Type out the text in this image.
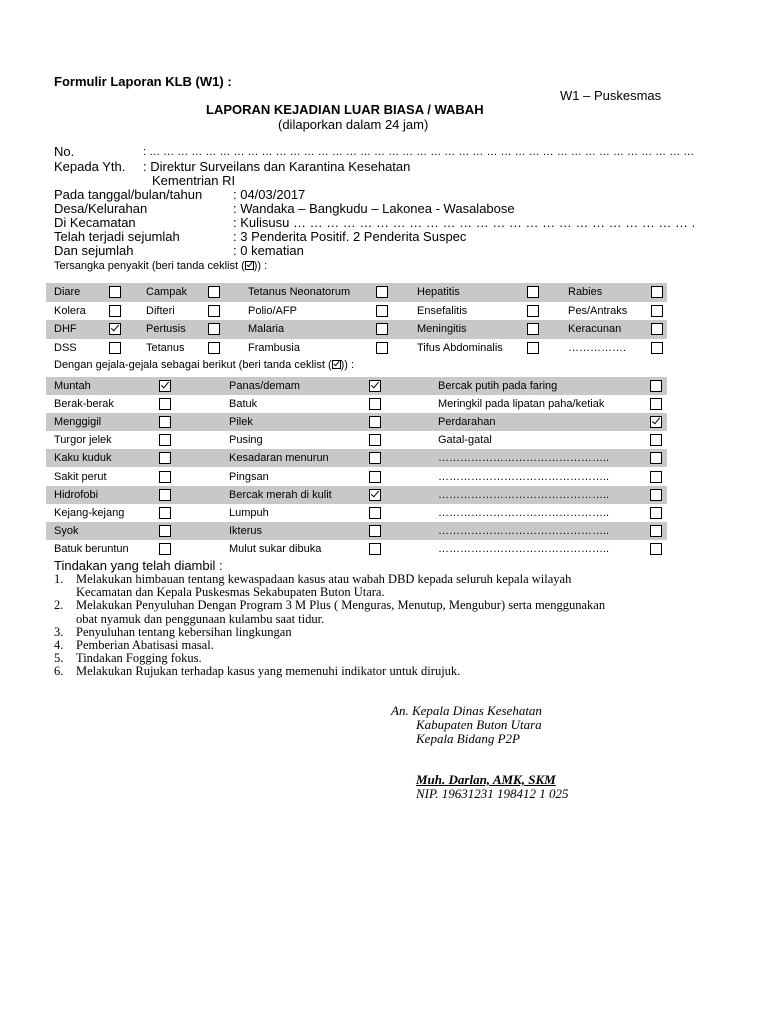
Formulir Laporan KLB (W1) :
W1 – Puskesmas
LAPORAN KEJADIAN LUAR BIASA / WABAH
(dilaporkan dalam 24 jam)
No.	: … … … … … … … … … … … … … … … … … … … … … … … … … … … … … … … … … … … … … … …
Kepada Yth. : Direktur Surveilans dan Karantina Kesehatan
Kementrian RI
Pada tanggal/bulan/tahun : 04/03/2017
Desa/Kelurahan	: Wandaka – Bangkudu – Lakonea - Wasalabose
Di Kecamatan	: Kulisusu … … … … … … … … … … … … … … … … … … … … … … … … .
Telah terjadi sejumlah	: 3 Penderita Positif. 2 Penderita Suspec
Dan sejumlah	: 0 kematian
Tersangka penyakit (beri tanda ceklist ( )) :
Diare	Campak	Tetanus Neonatorum	Hepatitis	Rabies
Kolera	Difteri	Polio/AFP	Ensefalitis	Pes/Antraks
DHF	Pertusis	Malaria	Meningitis	Keracunan
DSS	Tetanus	Frambusia	Tifus Abdominalis	…………….
Dengan gejala-gejala sebagai berikut (beri tanda ceklist ( )) :
Muntah	Panas/demam	Bercak putih pada faring
Berak-berak	Batuk	Meringkil pada lipatan paha/ketiak
Menggigil	Pilek	Perdarahan
Turgor jelek	Pusing	Gatal-gatal
Kaku kuduk	Kesadaran menurun	………………………………………..
Sakit perut	Pingsan	………………………………………..
Hidrofobi	Bercak merah di kulit	………………………………………..
Kejang-kejang	Lumpuh	………………………………………..
Syok	Ikterus	………………………………………..
Batuk beruntun	Mulut sukar dibuka	………………………………………..
Tindakan yang telah diambil :
1. Melakukan himbauan tentang kewaspadaan kasus atau wabah DBD kepada seluruh kepala wilayah
Kecamatan dan Kepala Puskesmas Sekabupaten Buton Utara.
2. Melakukan Penyuluhan Dengan Program 3 M Plus ( Menguras, Menutup, Mengubur) serta menggunakan
obat nyamuk dan penggunaan kulambu saat tidur.
3. Penyuluhan tentang kebersihan lingkungan
4. Pemberian Abatisasi masal.
5. Tindakan Fogging fokus.
6. Melakukan Rujukan terhadap kasus yang memenuhi indikator untuk dirujuk.
An. Kepala Dinas Kesehatan
Kabupaten Buton Utara
Kepala Bidang P2P
Muh. Darlan, AMK, SKM
NIP. 19631231 198412 1 025
